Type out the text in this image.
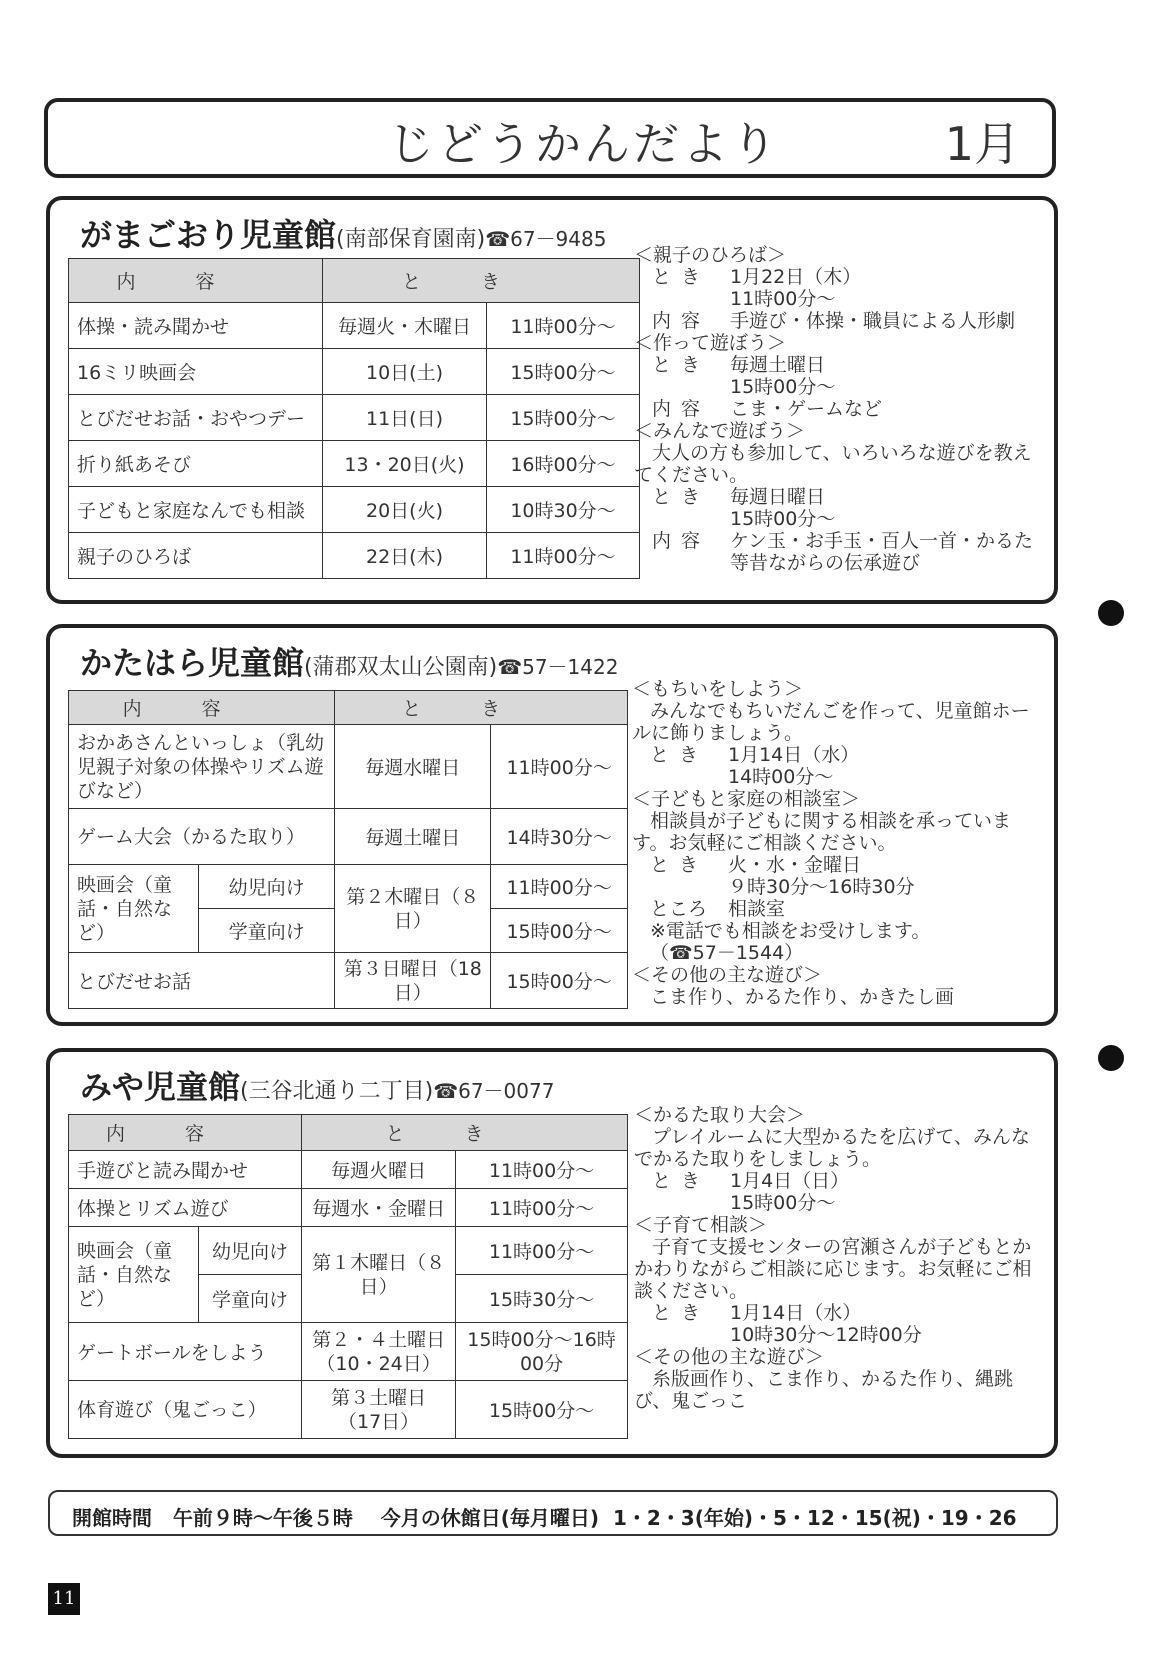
じどうかんだより	1月
がまごおり児童館(南部保育園南)☎67－9485
内容	とき	
体操・読み聞かせ	毎週火・木曜日	11時00分～
16ミリ映画会	10日(土)	15時00分～
とびだせお話・おやつデー	11日(日)	15時00分～
折り紙あそび	13・20日(火)	16時00分～
子どもと家庭なんでも相談	20日(火)	10時30分～
親子のひろば	22日(木)	11時00分～
＜親子のひろば＞
とき	1月22日（木）
11時00分～
内容	手遊び・体操・職員による人形劇
＜作って遊ぼう＞
とき	毎週土曜日
15時00分～
内容	こま・ゲームなど
＜みんなで遊ぼう＞
大人の方も参加して、いろいろな遊びを教えてください。
とき	毎週日曜日
15時00分～
内容	ケン玉・お手玉・百人一首・かるた等昔ながらの伝承遊び
かたはら児童館(蒲郡双太山公園南)☎57－1422
内容		とき	
おかあさんといっしょ（乳幼児親子対象の体操やリズム遊びなど）		毎週水曜日	11時00分～
ゲーム大会（かるた取り）		毎週土曜日	14時30分～
映画会（童話・自然など）	幼児向け	第２木曜日（８日）	11時00分～
	学童向け		15時00分～
とびだせお話		第３日曜日（18日）	15時00分～
＜もちいをしよう＞
みんなでもちいだんごを作って、児童館ホールに飾りましょう。
とき	1月14日（水）
14時00分～
＜子どもと家庭の相談室＞
相談員が子どもに関する相談を承っています。お気軽にご相談ください。
とき	火・水・金曜日
９時30分～16時30分
ところ	相談室
※電話でも相談をお受けします。
（☎57－1544）
＜その他の主な遊び＞
こま作り、かるた作り、かきたし画
みや児童館(三谷北通り二丁目)☎67－0077
内容		とき	
手遊びと読み聞かせ		毎週火曜日	11時00分～
体操とリズム遊び		毎週水・金曜日	11時00分～
映画会（童話・自然など）	幼児向け	第１木曜日（８日）	11時00分～
	学童向け		15時30分～
ゲートボールをしよう		第２・４土曜日（10・24日）	15時00分～16時00分
体育遊び（鬼ごっこ）		第３土曜日（17日）	15時00分～
＜かるた取り大会＞
プレイルームに大型かるたを広げて、みんなでかるた取りをしましょう。
とき	1月4日（日）
15時00分～
＜子育て相談＞
子育て支援センターの宮瀬さんが子どもとかかわりながらご相談に応じます。お気軽にご相談ください。
とき	1月14日（水）
10時30分～12時00分
＜その他の主な遊び＞
糸版画作り、こま作り、かるた作り、縄跳び、鬼ごっこ
開館時間 午前９時～午後５時 今月の休館日(毎月曜日) 1・2・3(年始)・5・12・15(祝)・19・26
11
